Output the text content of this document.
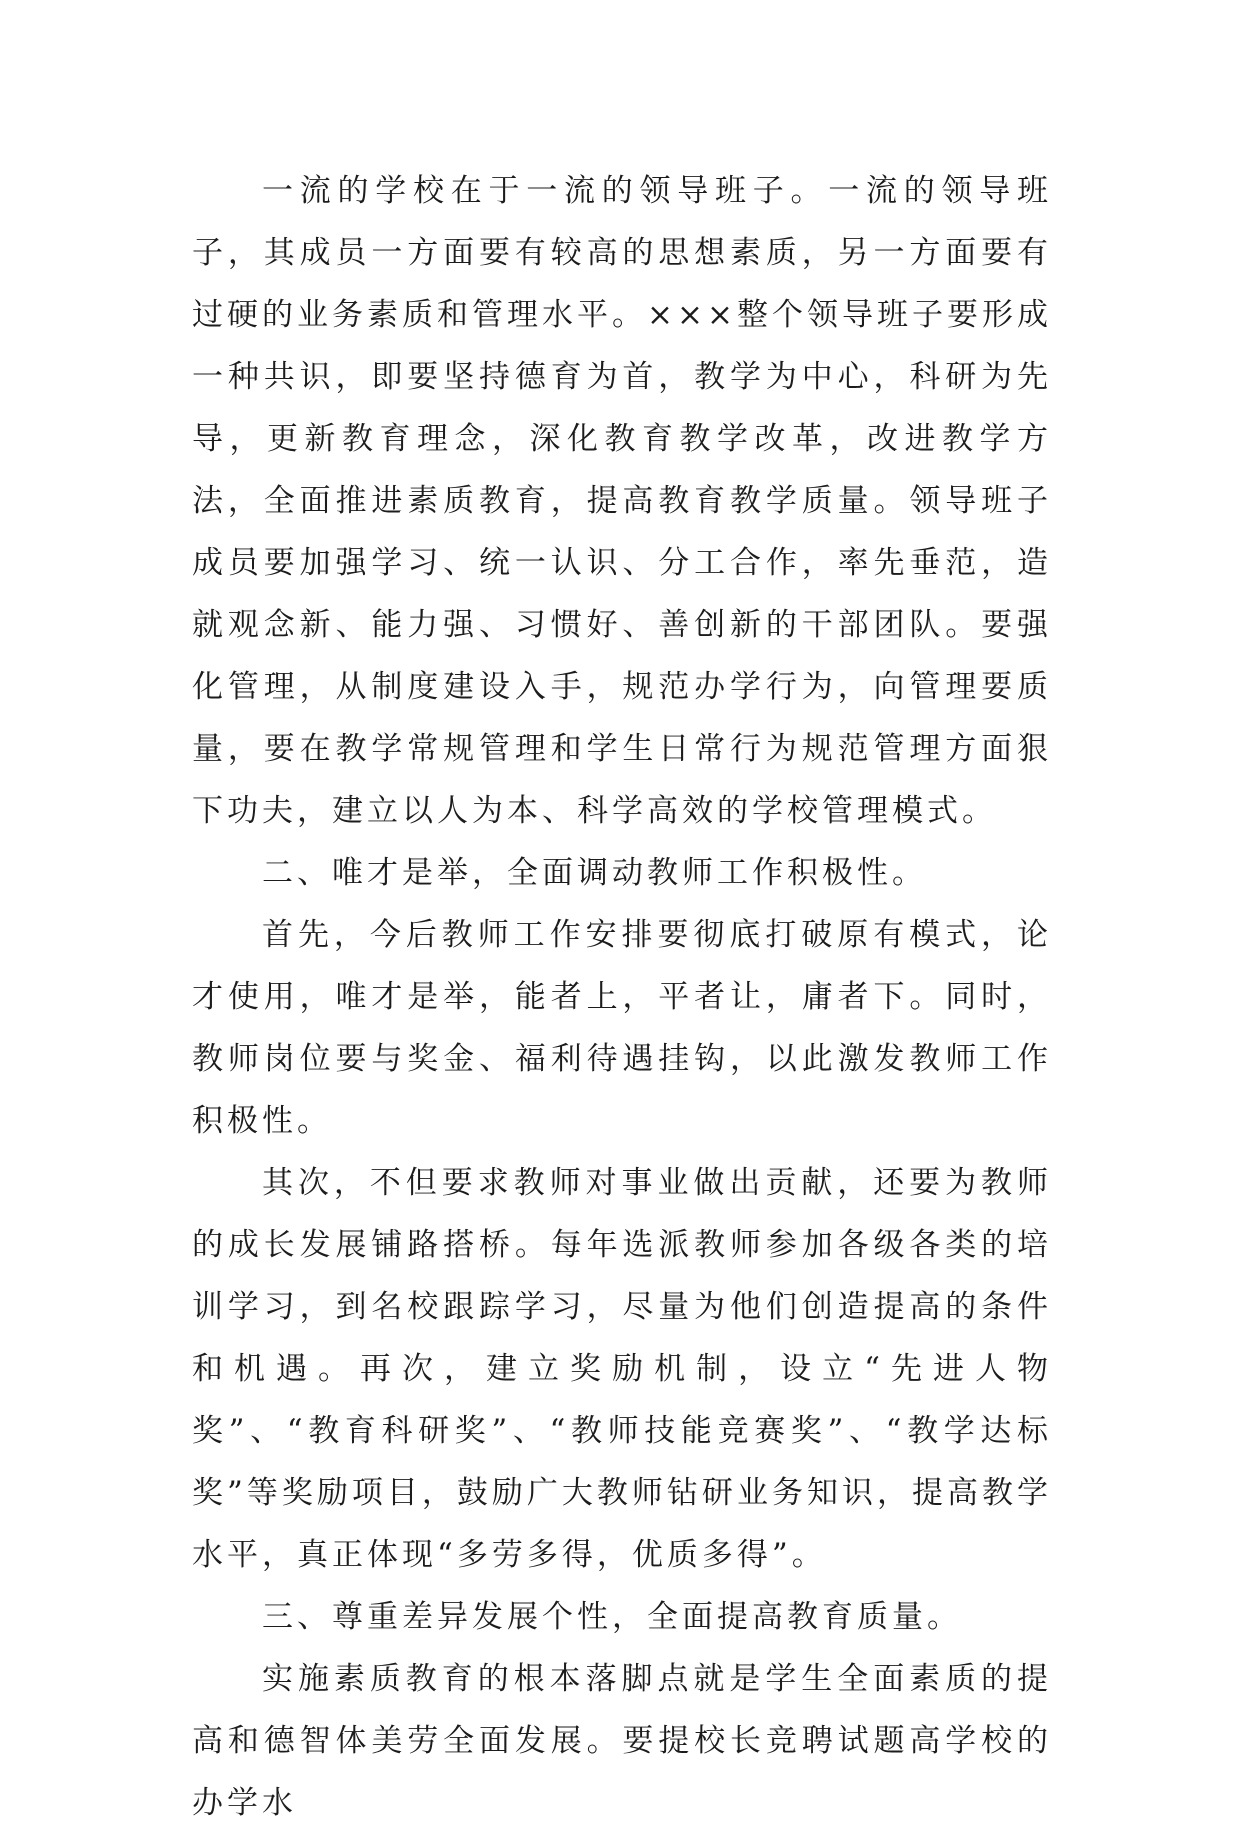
一流的学校在于一流的领导班子。一流的领导班子，其成员一方面要有较高的思想素质，另一方面要有过硬的业务素质和管理水平。×××整个领导班子要形成一种共识，即要坚持德育为首，教学为中心，科研为先导，更新教育理念，深化教育教学改革，改进教学方法，全面推进素质教育，提高教育教学质量。领导班子成员要加强学习、统一认识、分工合作，率先垂范，造就观念新、能力强、习惯好、善创新的干部团队。要强化管理，从制度建设入手，规范办学行为，向管理要质量，要在教学常规管理和学生日常行为规范管理方面狠下功夫，建立以人为本、科学高效的学校管理模式。

二、唯才是举，全面调动教师工作积极性。

首先，今后教师工作安排要彻底打破原有模式，论才使用，唯才是举，能者上，平者让，庸者下。同时，教师岗位要与奖金、福利待遇挂钩，以此激发教师工作积极性。

其次，不但要求教师对事业做出贡献，还要为教师的成长发展铺路搭桥。每年选派教师参加各级各类的培训学习，到名校跟踪学习，尽量为他们创造提高的条件和机遇。再次，建立奖励机制，设立“先进人物奖”、“教育科研奖”、“教师技能竞赛奖”、“教学达标奖”等奖励项目，鼓励广大教师钻研业务知识，提高教学水平，真正体现“多劳多得，优质多得”。

三、尊重差异发展个性，全面提高教育质量。

实施素质教育的根本落脚点就是学生全面素质的提高和德智体美劳全面发展。要提校长竞聘试题高学校的办学水
